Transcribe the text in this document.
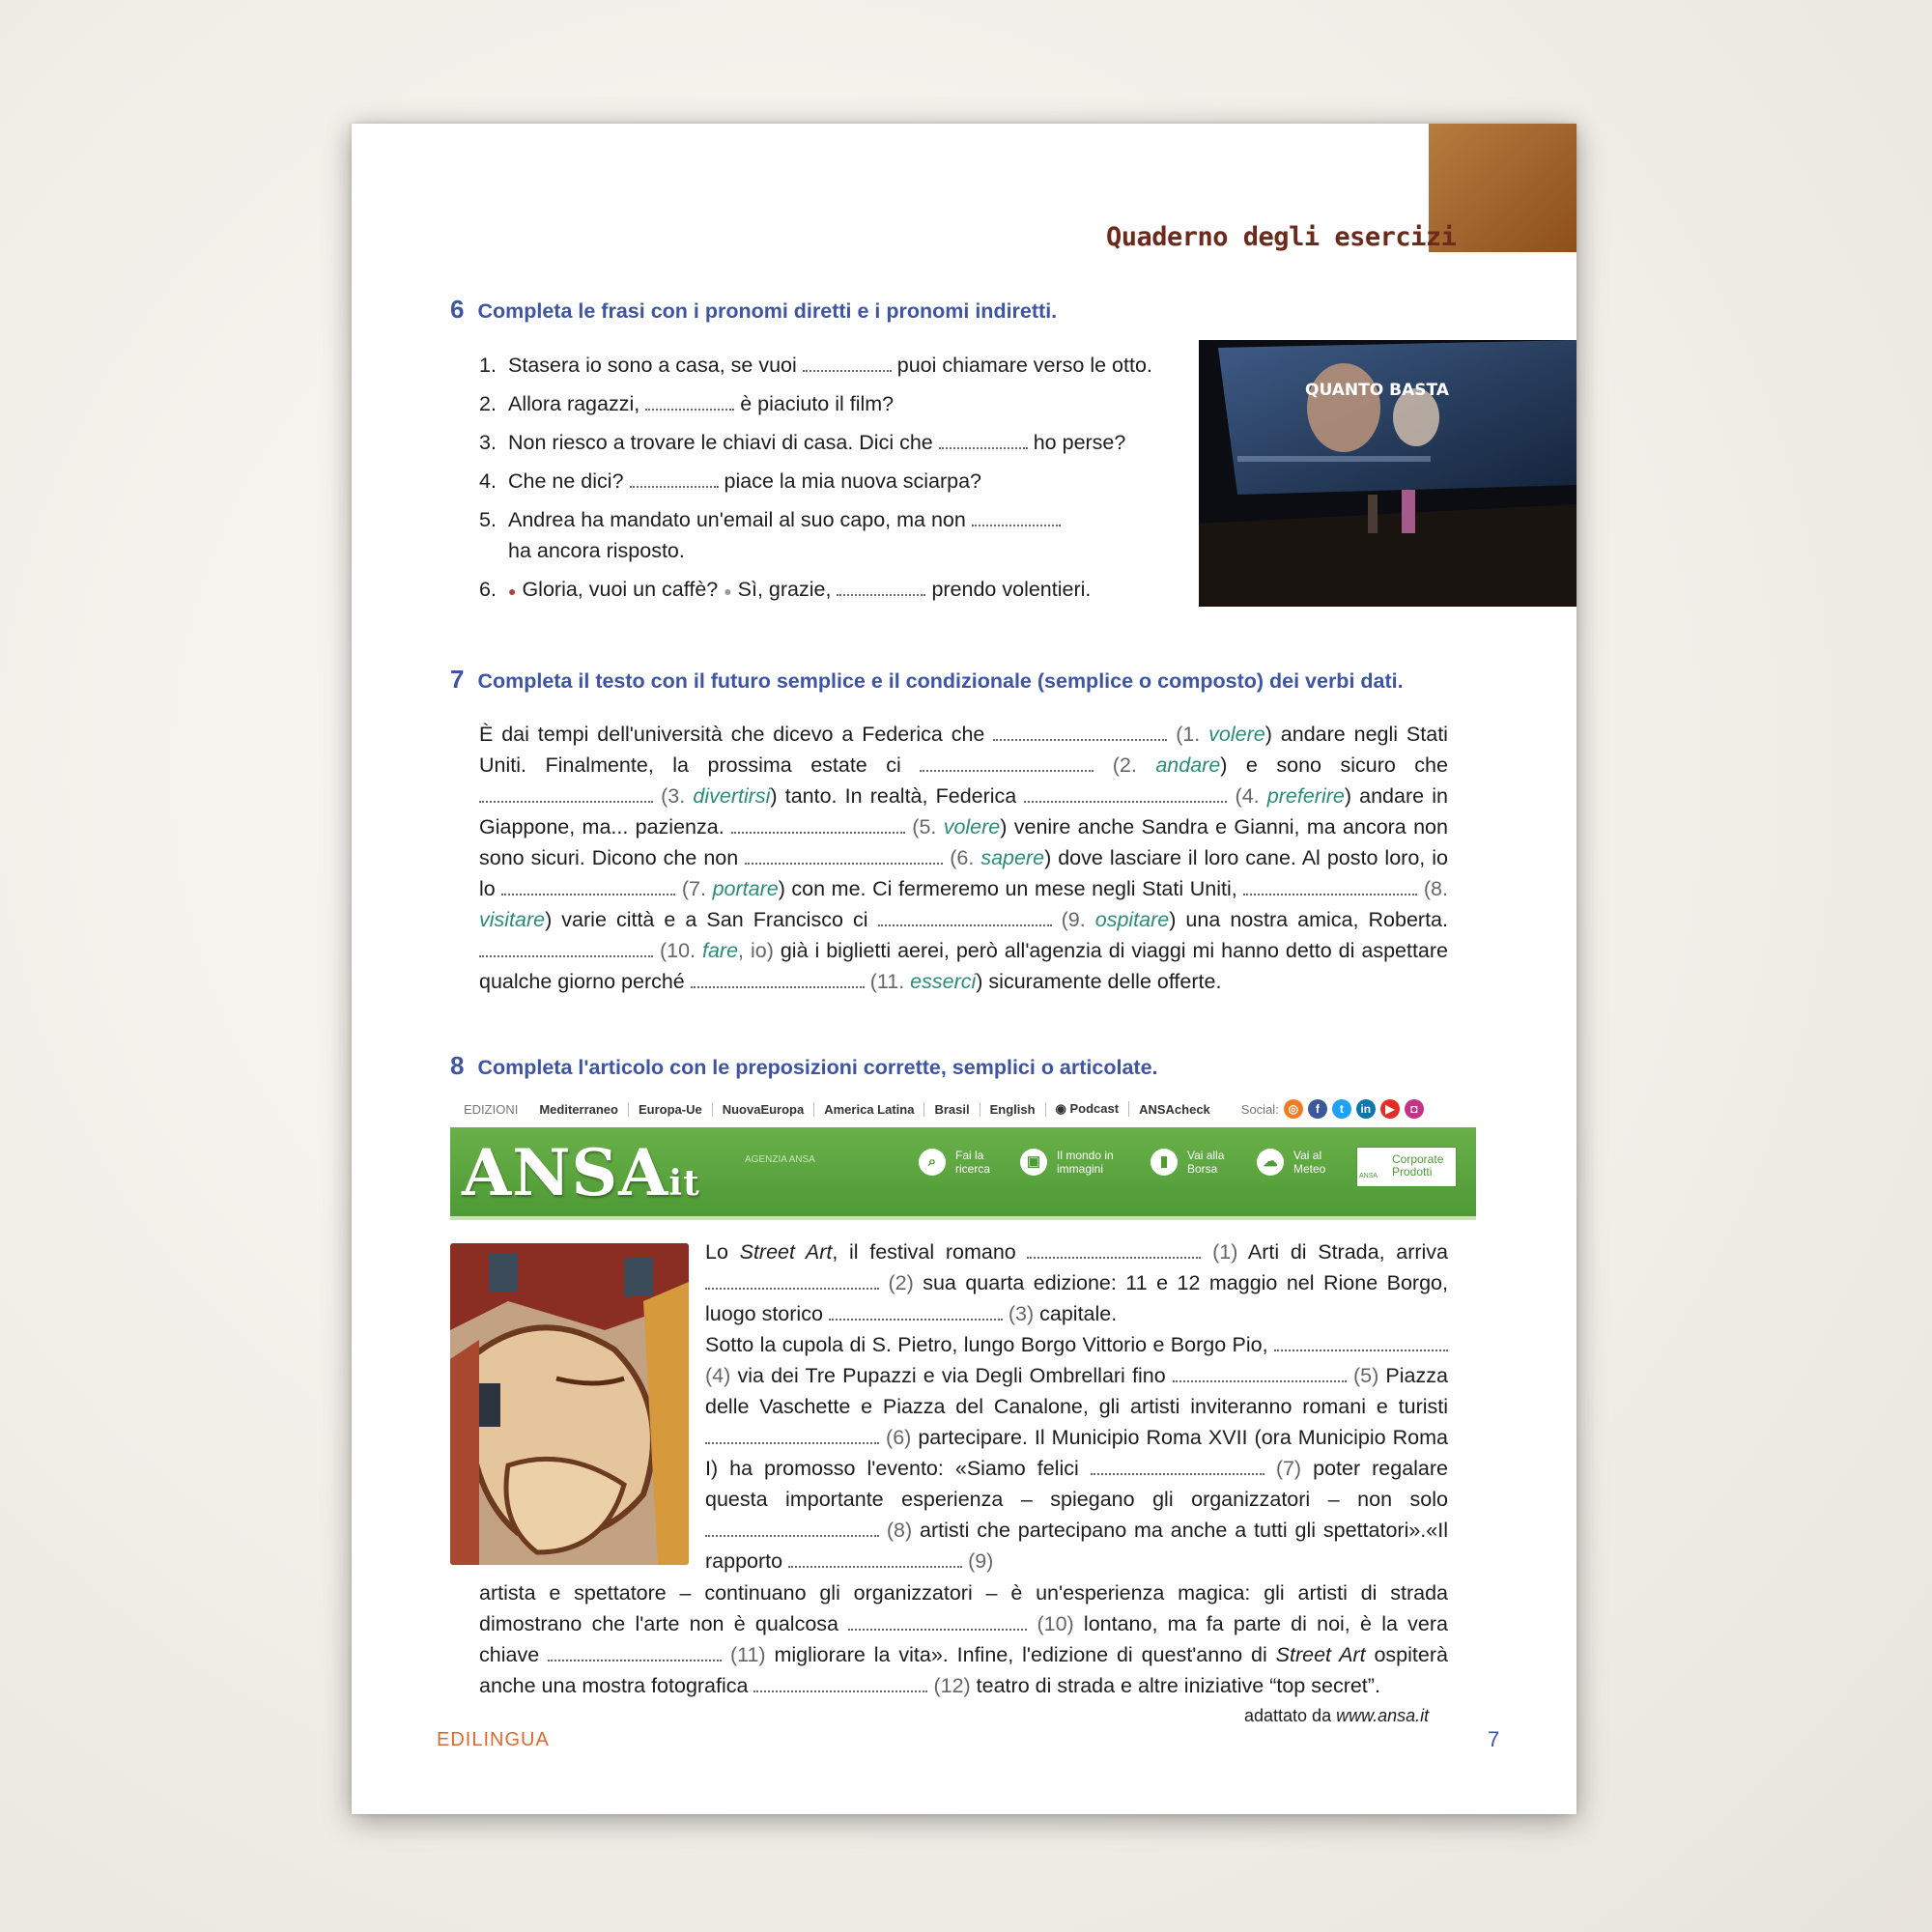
Quaderno degli esercizi
6 Completa le frasi con i pronomi diretti e i pronomi indiretti.
1. Stasera io sono a casa, se vuoi	puoi chiamare verso le otto.
2. Allora ragazzi,	è piaciuto il film?
3. Non riesco a trovare le chiavi di casa. Dici che	ho perse?
4. Che ne dici?	piace la mia nuova sciarpa?
5. Andrea ha mandato un'email al suo capo, ma non
ha ancora risposto.
6. ● Gloria, vuoi un caffè? ● Sì, grazie,	prendo volentieri.
QUANTO BASTA
7 Completa il testo con il futuro semplice e il condizionale (semplice o composto) dei verbi dati.
È dai tempi dell'università che dicevo a Federica che	(1. volere) andare negli Stati Uniti. Finalmente, la prossima estate ci	(2. andare) e sono sicuro che  (3. divertirsi) tanto. In realtà, Federica	(4. preferire) andare in Giappone, ma... pazienza.	(5. volere) venire anche Sandra e Gianni, ma ancora non sono sicuri. Dicono che non	(6. sapere) dove lasciare il loro cane. Al posto loro, io lo	(7. portare) con me. Ci fermeremo un mese negli Stati Uniti,	(8. visitare) varie città e a San Francisco ci	(9. ospitare) una nostra amica, Roberta.  (10. fare, io) già i biglietti aerei, però all'agenzia di viaggi mi hanno detto di aspettare qualche giorno perché	(11. esserci) sicuramente delle offerte.
8 Completa l'articolo con le preposizioni corrette, semplici o articolate.
EDIZIONI	Mediterraneo	Europa-Ue	NuovaEuropa	America Latina	Brasil	English	◉ Podcast	ANSAcheck	Social: ◎	f	t	in	▶	◘
ANSAit
AGENZIA ANSA	⌕	Fai la
ricerca	▣	Il mondo in
immagini	▮	Vai alla
Borsa	☁	Vai al
Meteo
ANSA
Corporate
Prodotti
Lo Street Art, il festival romano	(1) Arti di Strada, arriva  (2) sua quarta edizione: 11 e 12 maggio nel Rione Borgo, luogo storico	(3) capitale.
Sotto la cupola di S. Pietro, lungo Borgo Vittorio e Borgo Pio,  (4) via dei Tre Pupazzi e via Degli Ombrellari fino	(5) Piazza delle Vaschette e Piazza del Canalone, gli artisti inviteranno romani e turisti  (6) partecipare. Il Municipio Roma XVII (ora Municipio Roma I) ha promosso l'evento: «Siamo felici	(7) poter regalare questa importante esperienza – spiegano gli organizzatori – non solo  (8) artisti che partecipano ma anche a tutti gli spettatori».«Il rapporto	(9)
artista e spettatore – continuano gli organizzatori – è un'esperienza magica: gli artisti di strada dimostrano che l'arte non è qualcosa	(10) lontano, ma fa parte di noi, è la vera chiave	(11) migliorare la vita». Infine, l'edizione di quest'anno di Street Art ospiterà anche una mostra fotografica	(12) teatro di strada e altre iniziative “top secret”.
adattato da www.ansa.it
EDILINGUA	7
